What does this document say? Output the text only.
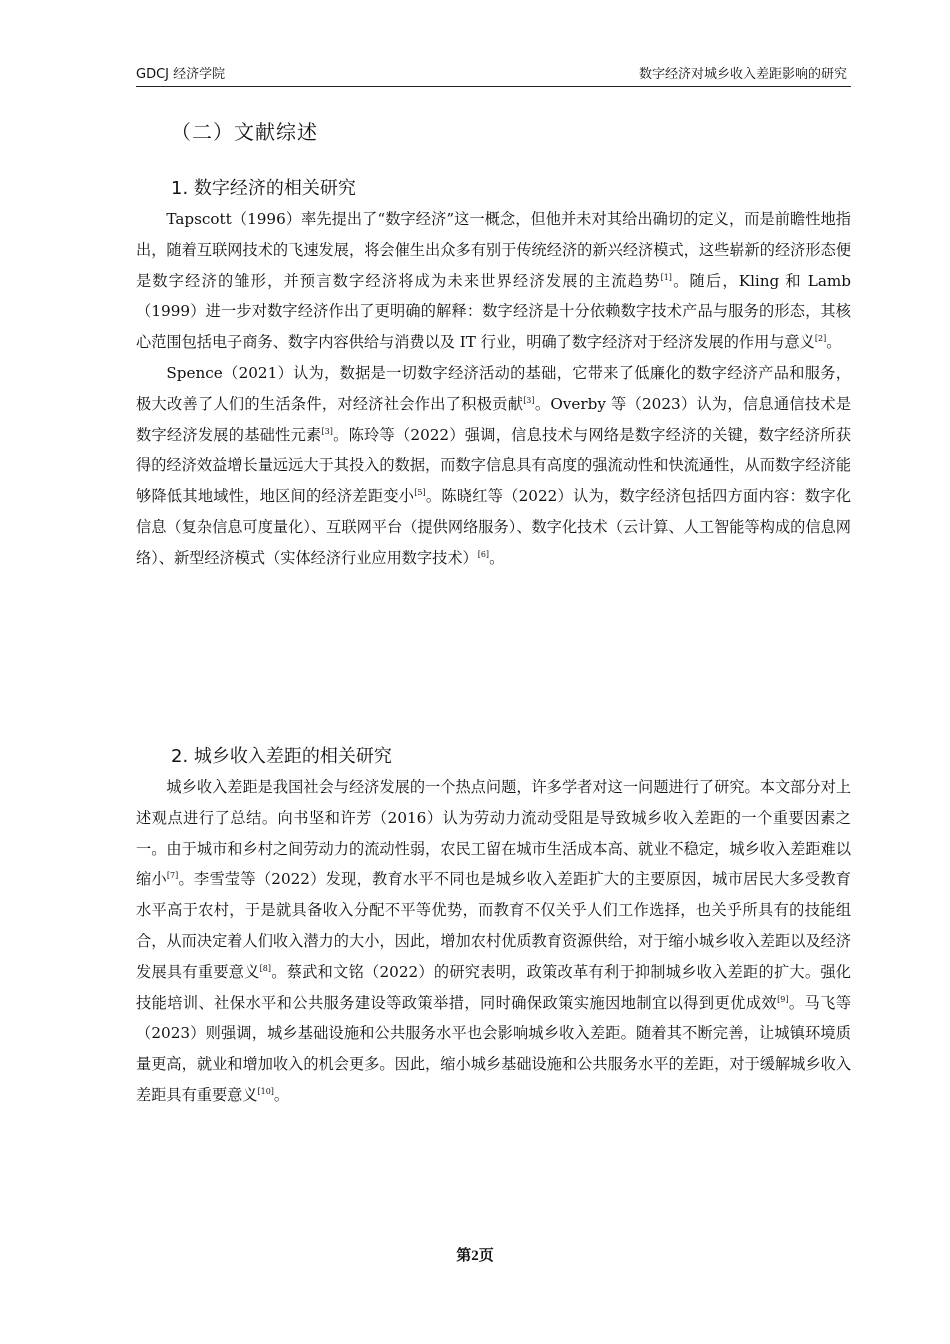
GDCJ 经济学院	数字经济对城乡收入差距影响的研究
（二）文献综述
1. 数字经济的相关研究

Tapscott（1996）率先提出了“数字经济”这一概念，但他并未对其给出确切的定义，而是前瞻性地指出，随着互联网技术的飞速发展，将会催生出众多有别于传统经济的新兴经济模式，这些崭新的经济形态便是数字经济的雏形，并预言数字经济将成为未来世界经济发展的主流趋势[1]。随后，Kling 和 Lamb（1999）进一步对数字经济作出了更明确的解释：数字经济是十分依赖数字技术产品与服务的形态，其核心范围包括电子商务、数字内容供给与消费以及 IT 行业，明确了数字经济对于经济发展的作用与意义[2]。

Spence（2021）认为，数据是一切数字经济活动的基础，它带来了低廉化的数字经济产品和服务，极大改善了人们的生活条件，对经济社会作出了积极贡献[3]。Overby 等（2023）认为，信息通信技术是数字经济发展的基础性元素[3]。陈玲等（2022）强调，信息技术与网络是数字经济的关键，数字经济所获得的经济效益增长量远远大于其投入的数据，而数字信息具有高度的强流动性和快流通性，从而数字经济能够降低其地域性，地区间的经济差距变小[5]。陈晓红等（2022）认为，数字经济包括四方面内容：数字化信息（复杂信息可度量化）、互联网平台（提供网络服务）、数字化技术（云计算、人工智能等构成的信息网络）、新型经济模式（实体经济行业应用数字技术）[6]。

2. 城乡收入差距的相关研究

城乡收入差距是我国社会与经济发展的一个热点问题，许多学者对这一问题进行了研究。本文部分对上述观点进行了总结。向书坚和许芳（2016）认为劳动力流动受阻是导致城乡收入差距的一个重要因素之一。由于城市和乡村之间劳动力的流动性弱，农民工留在城市生活成本高、就业不稳定，城乡收入差距难以缩小[7]。李雪莹等（2022）发现，教育水平不同也是城乡收入差距扩大的主要原因，城市居民大多受教育水平高于农村，于是就具备收入分配不平等优势，而教育不仅关乎人们工作选择，也关乎所具有的技能组合，从而决定着人们收入潜力的大小，因此，增加农村优质教育资源供给，对于缩小城乡收入差距以及经济发展具有重要意义[8]。蔡武和文铭（2022）的研究表明，政策改革有利于抑制城乡收入差距的扩大。强化技能培训、社保水平和公共服务建设等政策举措，同时确保政策实施因地制宜以得到更优成效[9]。马飞等（2023）则强调，城乡基础设施和公共服务水平也会影响城乡收入差距。随着其不断完善，让城镇环境质量更高，就业和增加收入的机会更多。因此，缩小城乡基础设施和公共服务水平的差距，对于缓解城乡收入差距具有重要意义[10]。

第2页
